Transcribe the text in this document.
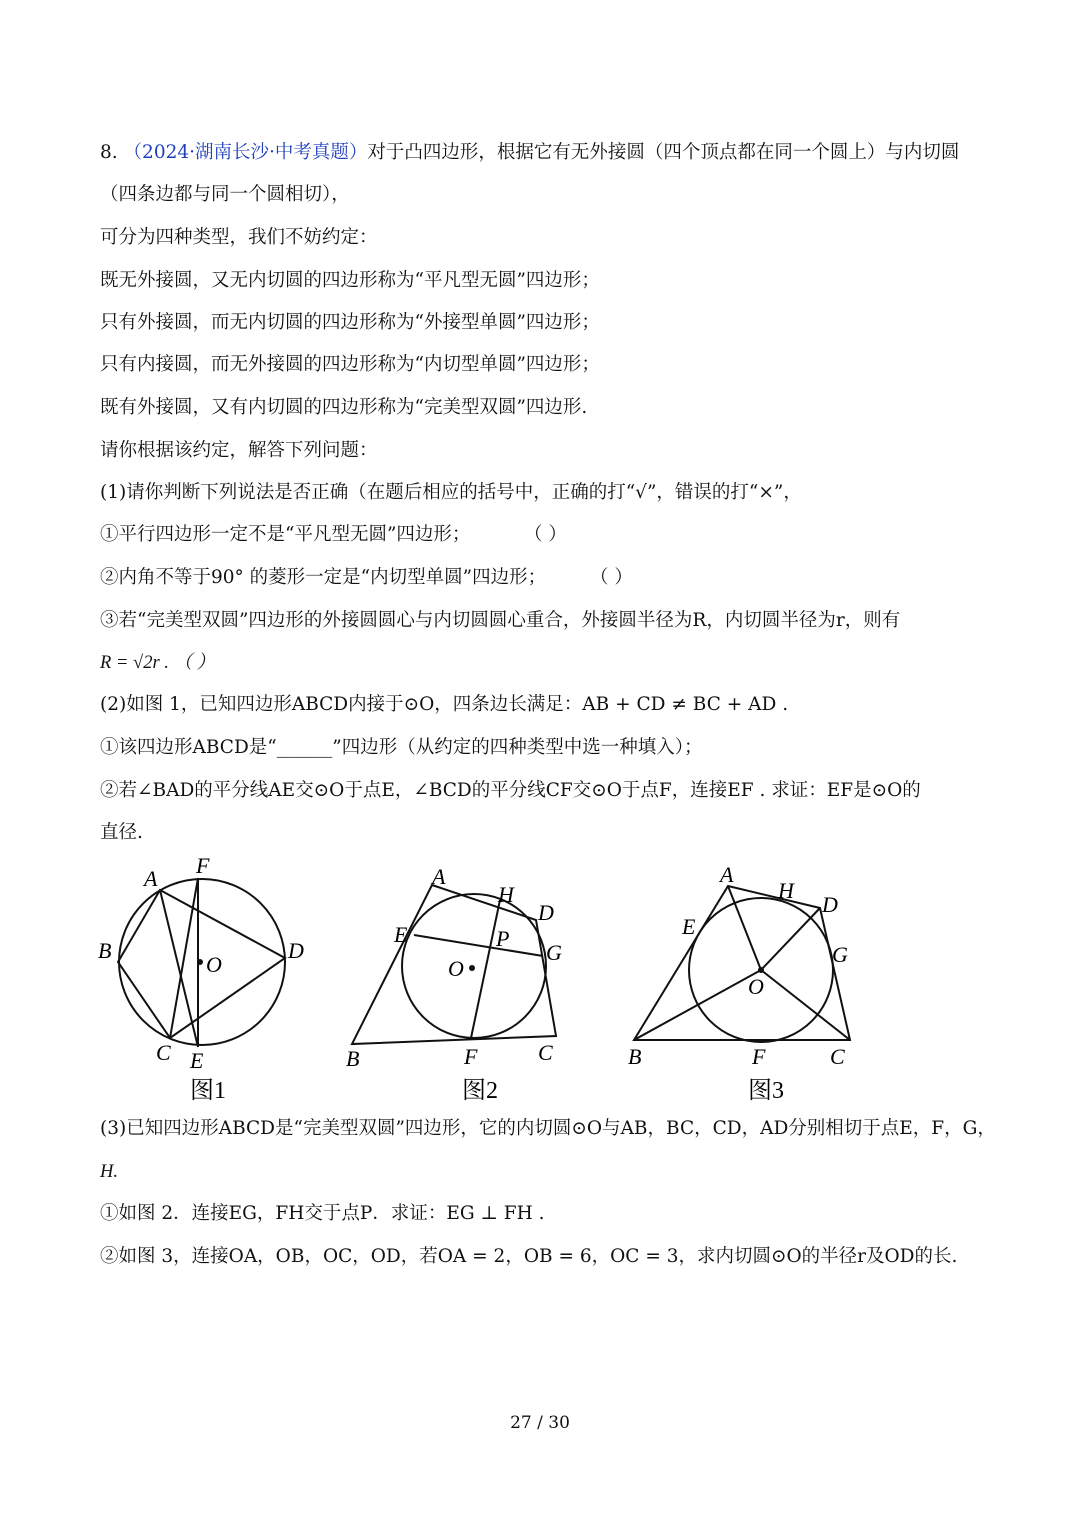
8. （2024·湖南长沙·中考真题）对于凸四边形，根据它有无外接圆（四个顶点都在同一个圆上）与内切圆
（四条边都与同一个圆相切），
可分为四种类型，我们不妨约定：
既无外接圆，又无内切圆的四边形称为“平凡型无圆”四边形；
只有外接圆，而无内切圆的四边形称为“外接型单圆”四边形；
只有内接圆，而无外接圆的四边形称为“内切型单圆”四边形；
既有外接圆，又有内切圆的四边形称为“完美型双圆”四边形.
请你根据该约定，解答下列问题：
(1)请你判断下列说法是否正确（在题后相应的括号中，正确的打“√”，错误的打“×”，
①平行四边形一定不是“平凡型无圆”四边形；	（ ）
②内角不等于90° 的菱形一定是“内切型单圆”四边形； （ ）
③若“完美型双圆”四边形的外接圆圆心与内切圆圆心重合，外接圆半径为R，内切圆半径为r，则有
R = √2r . （ ）
(2)如图 1，已知四边形ABCD内接于⊙O，四条边长满足：AB + CD ≠ BC + AD .
①该四边形ABCD是“______”四边形（从约定的四种类型中选一种填入）；
②若∠BAD的平分线AE交⊙O于点E，∠BCD的平分线CF交⊙O于点F，连接EF . 求证：EF是⊙O的
直径.
A
F
B	D
O
C E
图1
A
H
D
E	P
G
O
B	F	C
图2
A
H
D
E
G
O
B	F	C
图3
(3)已知四边形ABCD是“完美型双圆”四边形，它的内切圆⊙O与AB，BC，CD，AD分别相切于点E，F，G，
H.
①如图 2．连接EG，FH交于点P．求证：EG ⊥ FH .
②如图 3，连接OA，OB，OC，OD，若OA = 2，OB = 6，OC = 3，求内切圆⊙O的半径r及OD的长.
27 / 30
